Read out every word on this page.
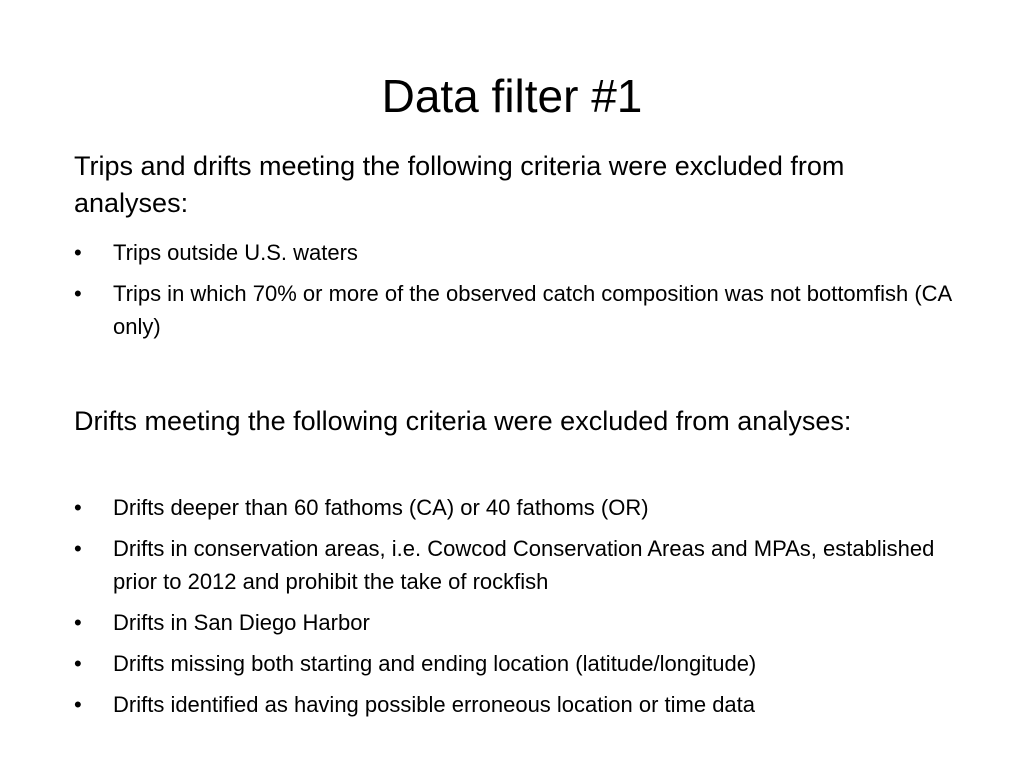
Data filter #1

Trips and drifts meeting the following criteria were excluded from analyses:

• Trips outside U.S. waters
• Trips in which 70% or more of the observed catch composition was not bottomfish (CA only)

Drifts meeting the following criteria were excluded from analyses:

• Drifts deeper than 60 fathoms (CA) or 40 fathoms (OR)
• Drifts in conservation areas, i.e. Cowcod Conservation Areas and MPAs, established prior to 2012 and prohibit the take of rockfish
• Drifts in San Diego Harbor
• Drifts missing both starting and ending location (latitude/longitude)
• Drifts identified as having possible erroneous location or time data
